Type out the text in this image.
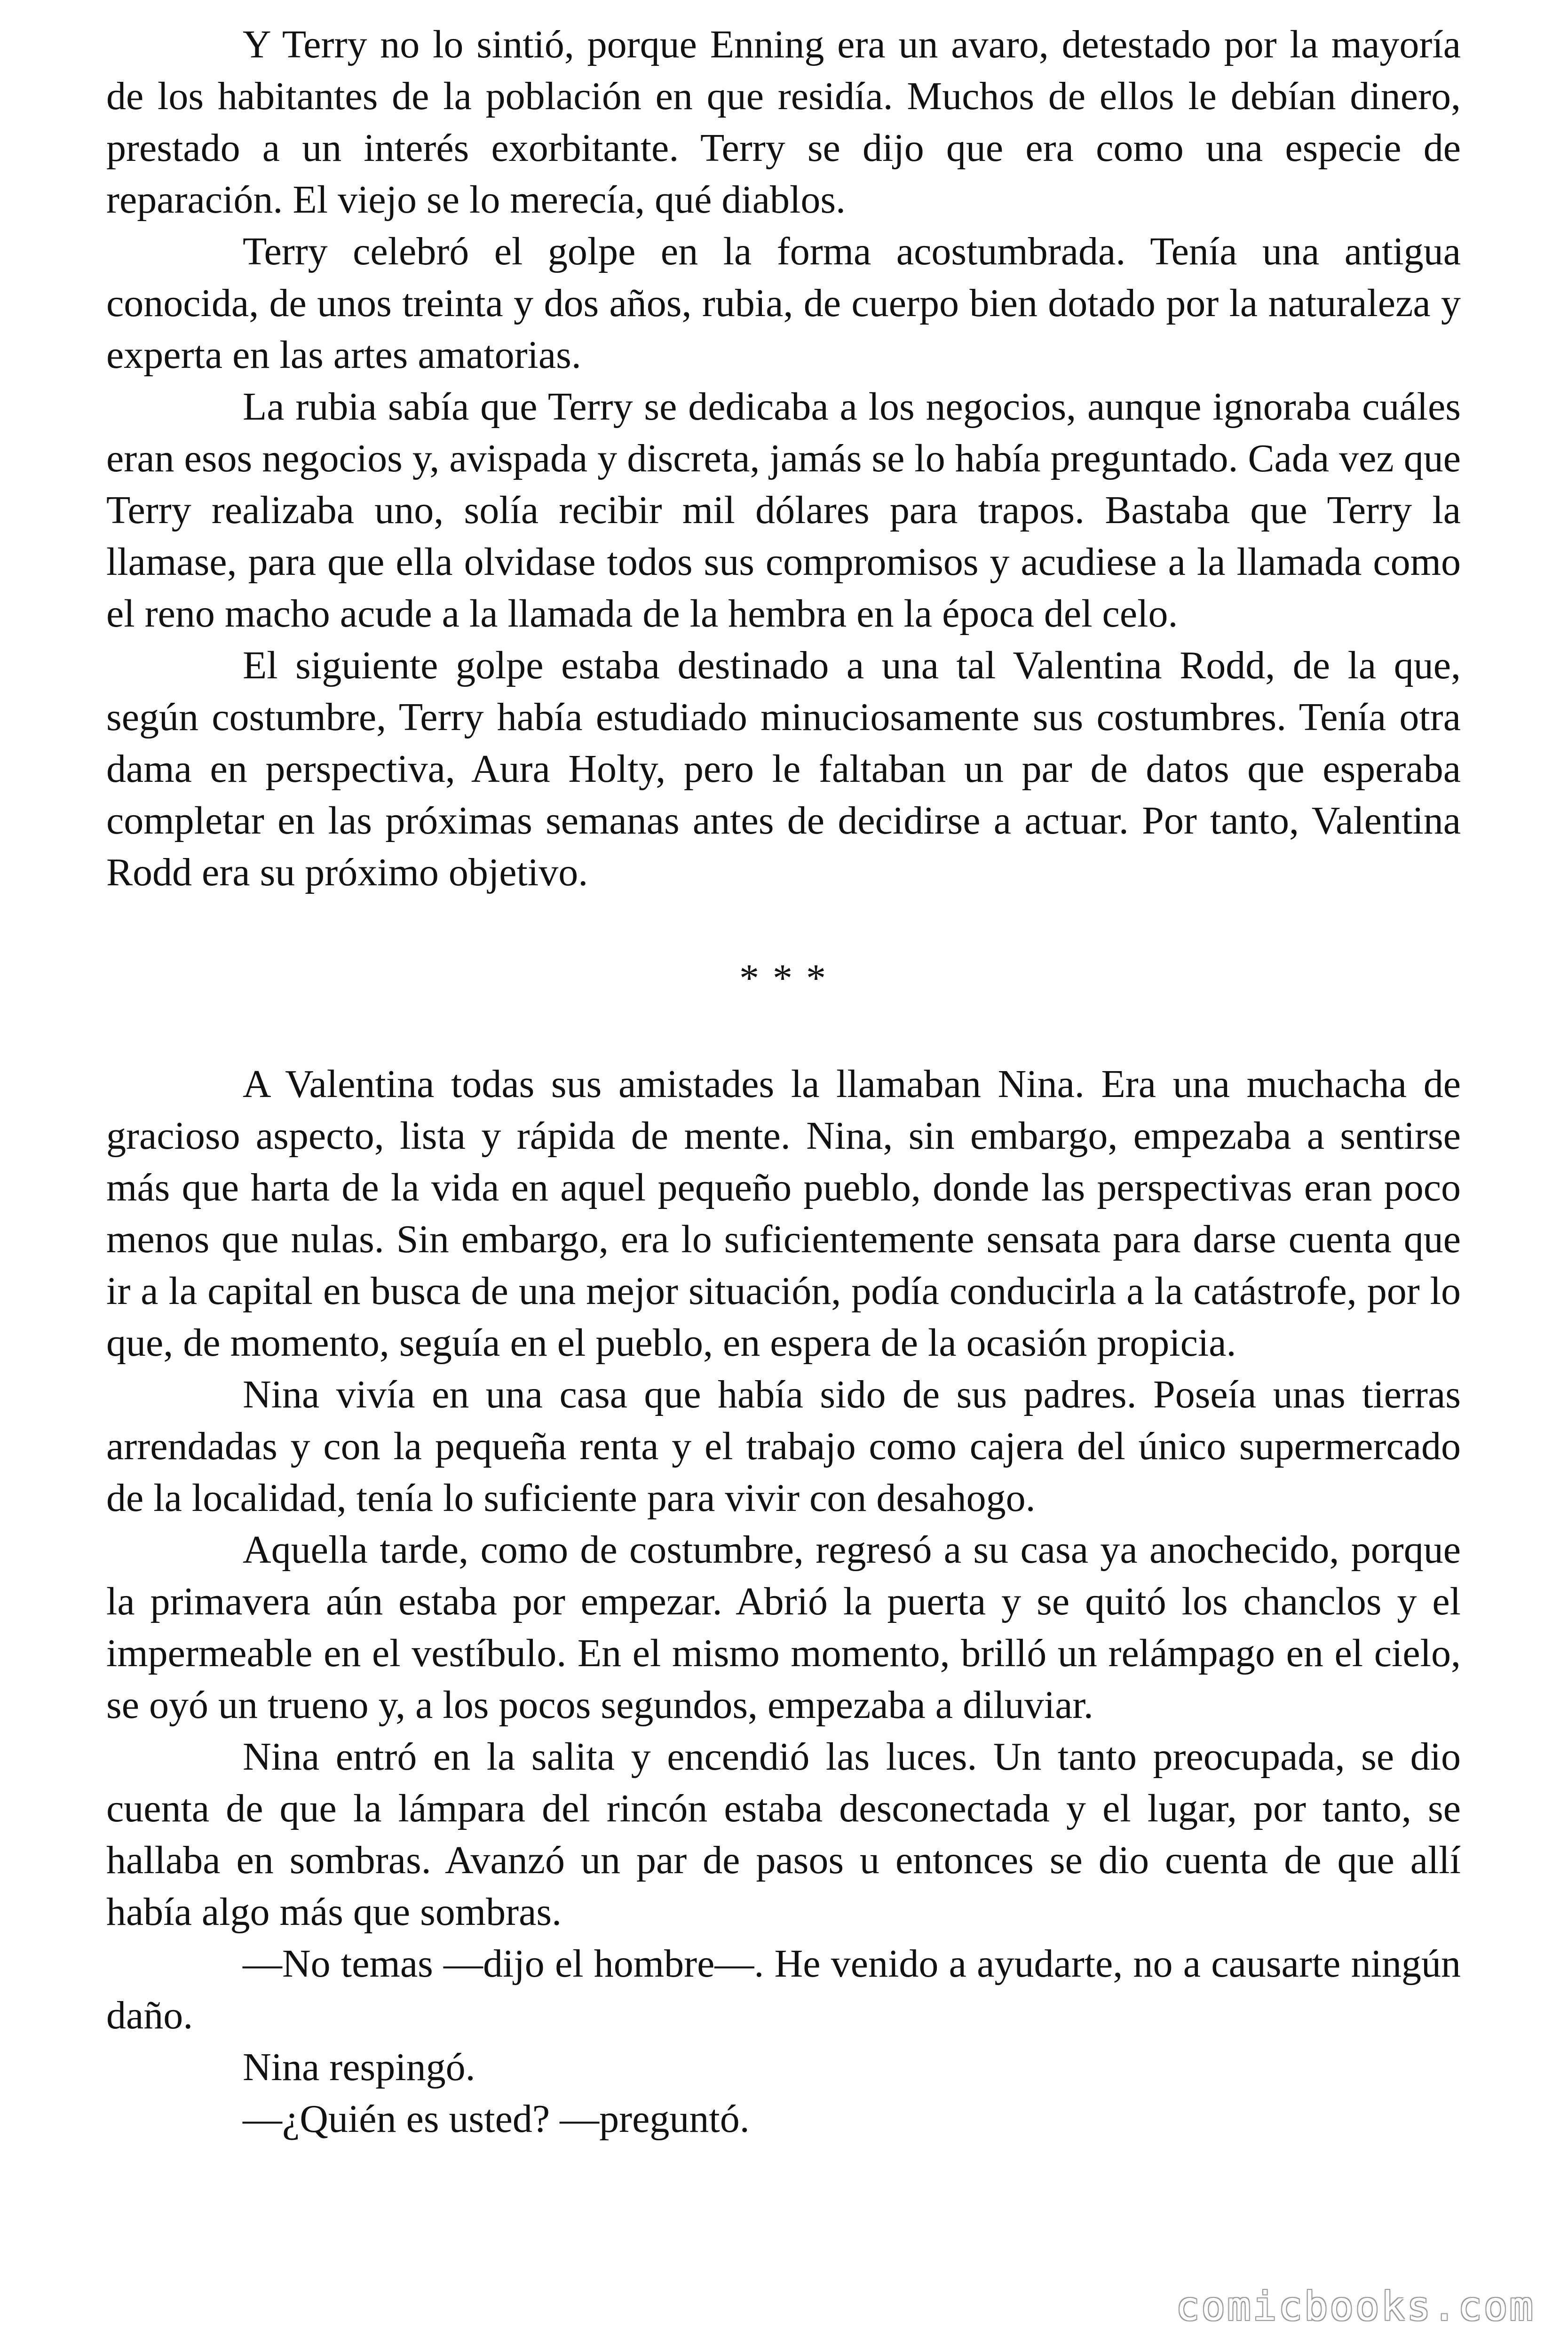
Y Terry no lo sintió, porque Enning era un avaro, detestado por la mayoría de los habitantes de la población en que residía. Muchos de ellos le debían dinero, prestado a un interés exorbitante. Terry se dijo que era como una especie de reparación. El viejo se lo merecía, qué diablos.

Terry celebró el golpe en la forma acostumbrada. Tenía una antigua conocida, de unos treinta y dos años, rubia, de cuerpo bien dotado por la naturaleza y experta en las artes amatorias.

La rubia sabía que Terry se dedicaba a los negocios, aunque ignoraba cuáles eran esos negocios y, avispada y discreta, jamás se lo había preguntado. Cada vez que Terry realizaba uno, solía recibir mil dólares para trapos. Bastaba que Terry la llamase, para que ella olvidase todos sus compromisos y acudiese a la llamada como el reno macho acude a la llamada de la hembra en la época del celo.

El siguiente golpe estaba destinado a una tal Valentina Rodd, de la que, según costumbre, Terry había estudiado minuciosamente sus costumbres. Tenía otra dama en perspectiva, Aura Holty, pero le faltaban un par de datos que esperaba completar en las próximas semanas antes de decidirse a actuar. Por tanto, Valentina Rodd era su próximo objetivo.

* * *

A Valentina todas sus amistades la llamaban Nina. Era una muchacha de gracioso aspecto, lista y rápida de mente. Nina, sin embargo, empezaba a sentirse más que harta de la vida en aquel pequeño pueblo, donde las perspectivas eran poco menos que nulas. Sin embargo, era lo suficientemente sensata para darse cuenta que ir a la capital en busca de una mejor situación, podía conducirla a la catástrofe, por lo que, de momento, seguía en el pueblo, en espera de la ocasión propicia.

Nina vivía en una casa que había sido de sus padres. Poseía unas tierras arrendadas y con la pequeña renta y el trabajo como cajera del único supermercado de la localidad, tenía lo suficiente para vivir con desahogo.

Aquella tarde, como de costumbre, regresó a su casa ya anochecido, porque la primavera aún estaba por empezar. Abrió la puerta y se quitó los chanclos y el impermeable en el vestíbulo. En el mismo momento, brilló un relámpago en el cielo, se oyó un trueno y, a los pocos segundos, empezaba a diluviar.

Nina entró en la salita y encendió las luces. Un tanto preocupada, se dio cuenta de que la lámpara del rincón estaba desconectada y el lugar, por tanto, se hallaba en sombras. Avanzó un par de pasos u entonces se dio cuenta de que allí había algo más que sombras.

—No temas —dijo el hombre—. He venido a ayudarte, no a causarte ningún daño.

Nina respingó.

—¿Quién es usted? —preguntó.

comicbooks.com
